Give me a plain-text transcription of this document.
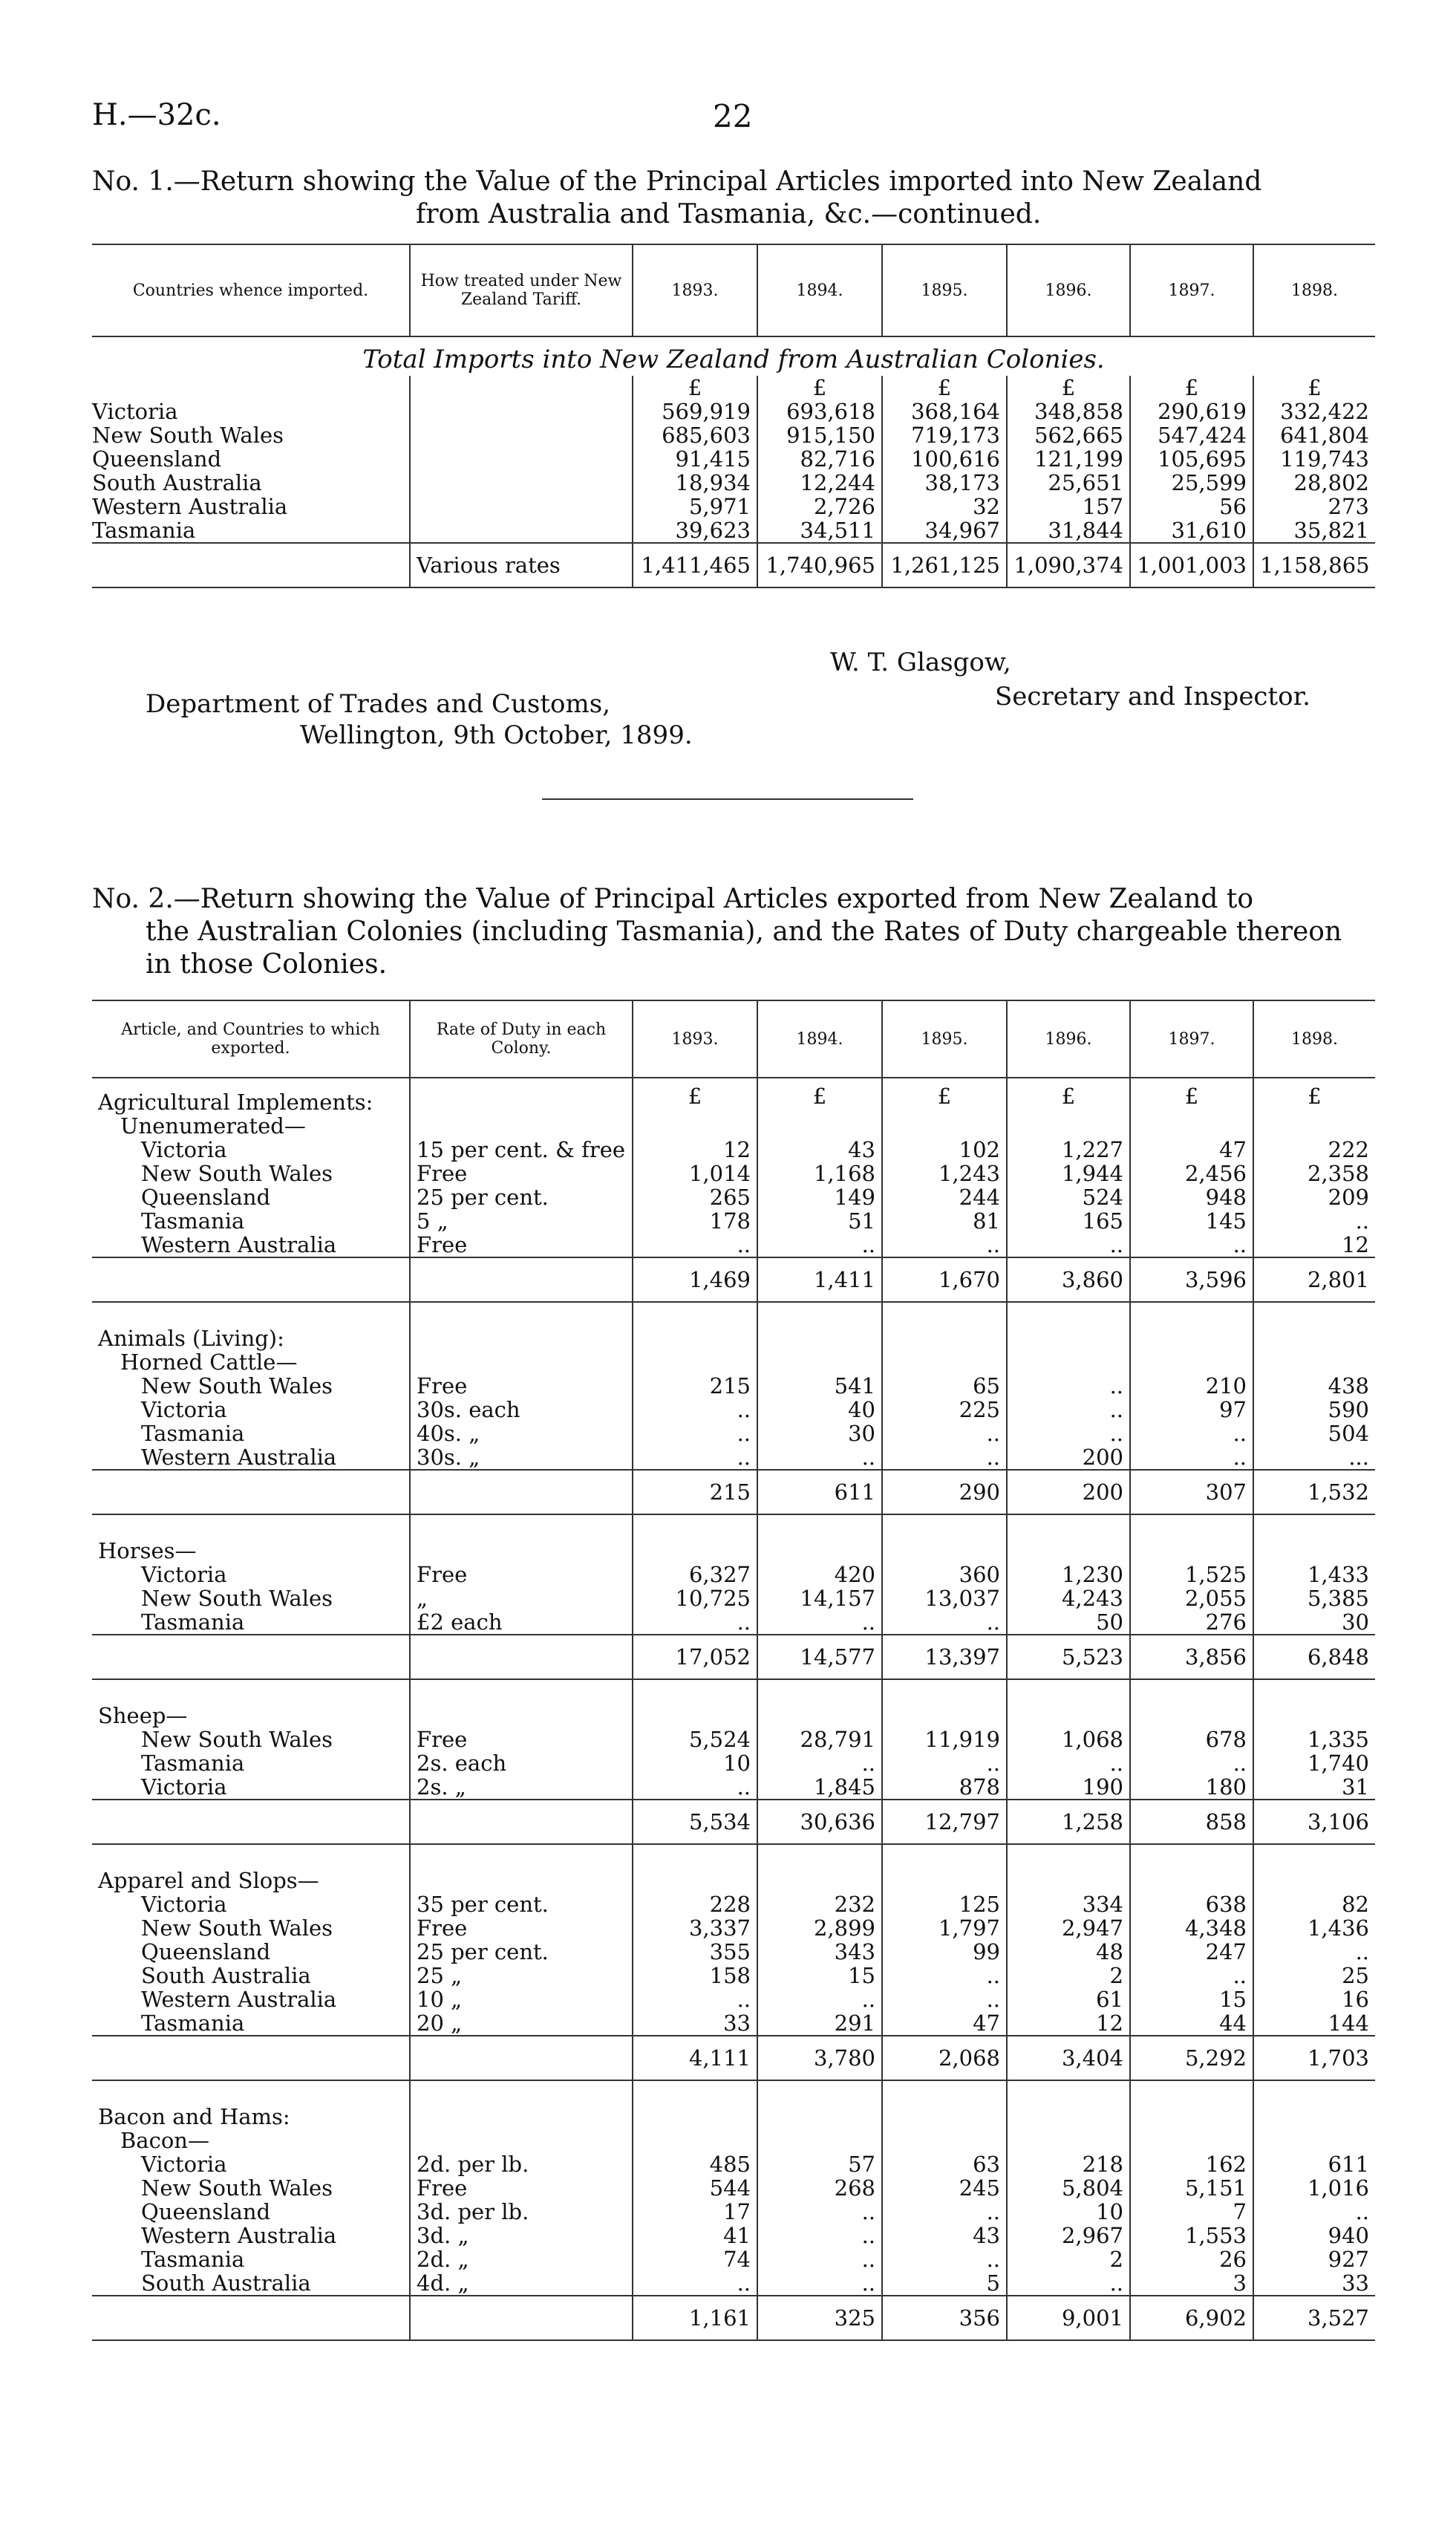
H.—32c.	22
No. 1.—Return showing the Value of the Principal Articles imported into New Zealand
from Australia and Tasmania, &c.—continued.
Countries whence imported.	How treated under New Zealand Tariff.	1893.	1894.	1895.	1896.	1897.	1898.
Total Imports into New Zealand from Australian Colonies.							
		£	£	£	£	£	£
Victoria		569,919	693,618	368,164	348,858	290,619	332,422
New South Wales		685,603	915,150	719,173	562,665	547,424	641,804
Queensland		91,415	82,716	100,616	121,199	105,695	119,743
South Australia		18,934	12,244	38,173	25,651	25,599	28,802
Western Australia		5,971	2,726	32	157	56	273
Tasmania		39,623	34,511	34,967	31,844	31,610	35,821
	Various rates	1,411,465	1,740,965	1,261,125	1,090,374	1,001,003	1,158,865
W. T. Glasgow,
Secretary and Inspector.
Department of Trades and Customs,
Wellington, 9th October, 1899.
No. 2.—Return showing the Value of Principal Articles exported from New Zealand to
the Australian Colonies (including Tasmania), and the Rates of Duty chargeable thereon
in those Colonies.
Article, and Countries to which exported.	Rate of Duty in each Colony.	1893.	1894.	1895.	1896.	1897.	1898.
Agricultural Implements:		£	£	£	£	£	£
Unenumerated—							
Victoria	15 per cent. & free	12	43	102	1,227	47	222
New South Wales	Free	1,014	1,168	1,243	1,944	2,456	2,358
Queensland	25 per cent.	265	149	244	524	948	209
Tasmania	5 „	178	51	81	165	145	..
Western Australia	Free	..	..	..	..	..	12
		1,469	1,411	1,670	3,860	3,596	2,801
Animals (Living):							
Horned Cattle—							
New South Wales	Free	215	541	65	..	210	438
Victoria	30s. each	..	40	225	..	97	590
Tasmania	40s. „	..	30	..	..	..	504
Western Australia	30s. „	..	..	..	200	..	...
		215	611	290	200	307	1,532
Horses—							
Victoria	Free	6,327	420	360	1,230	1,525	1,433
New South Wales	„	10,725	14,157	13,037	4,243	2,055	5,385
Tasmania	£2 each	..	..	..	50	276	30
		17,052	14,577	13,397	5,523	3,856	6,848
Sheep—							
New South Wales	Free	5,524	28,791	11,919	1,068	678	1,335
Tasmania	2s. each	10	..	..	..	..	1,740
Victoria	2s. „	..	1,845	878	190	180	31
		5,534	30,636	12,797	1,258	858	3,106
Apparel and Slops—							
Victoria	35 per cent.	228	232	125	334	638	82
New South Wales	Free	3,337	2,899	1,797	2,947	4,348	1,436
Queensland	25 per cent.	355	343	99	48	247	..
South Australia	25 „	158	15	..	2	..	25
Western Australia	10 „	..	..	..	61	15	16
Tasmania	20 „	33	291	47	12	44	144
		4,111	3,780	2,068	3,404	5,292	1,703
Bacon and Hams:							
Bacon—							
Victoria	2d. per lb.	485	57	63	218	162	611
New South Wales	Free	544	268	245	5,804	5,151	1,016
Queensland	3d. per lb.	17	..	..	10	7	..
Western Australia	3d. „	41	..	43	2,967	1,553	940
Tasmania	2d. „	74	..	..	2	26	927
South Australia	4d. „	..	..	5	..	3	33
		1,161	325	356	9,001	6,902	3,527
